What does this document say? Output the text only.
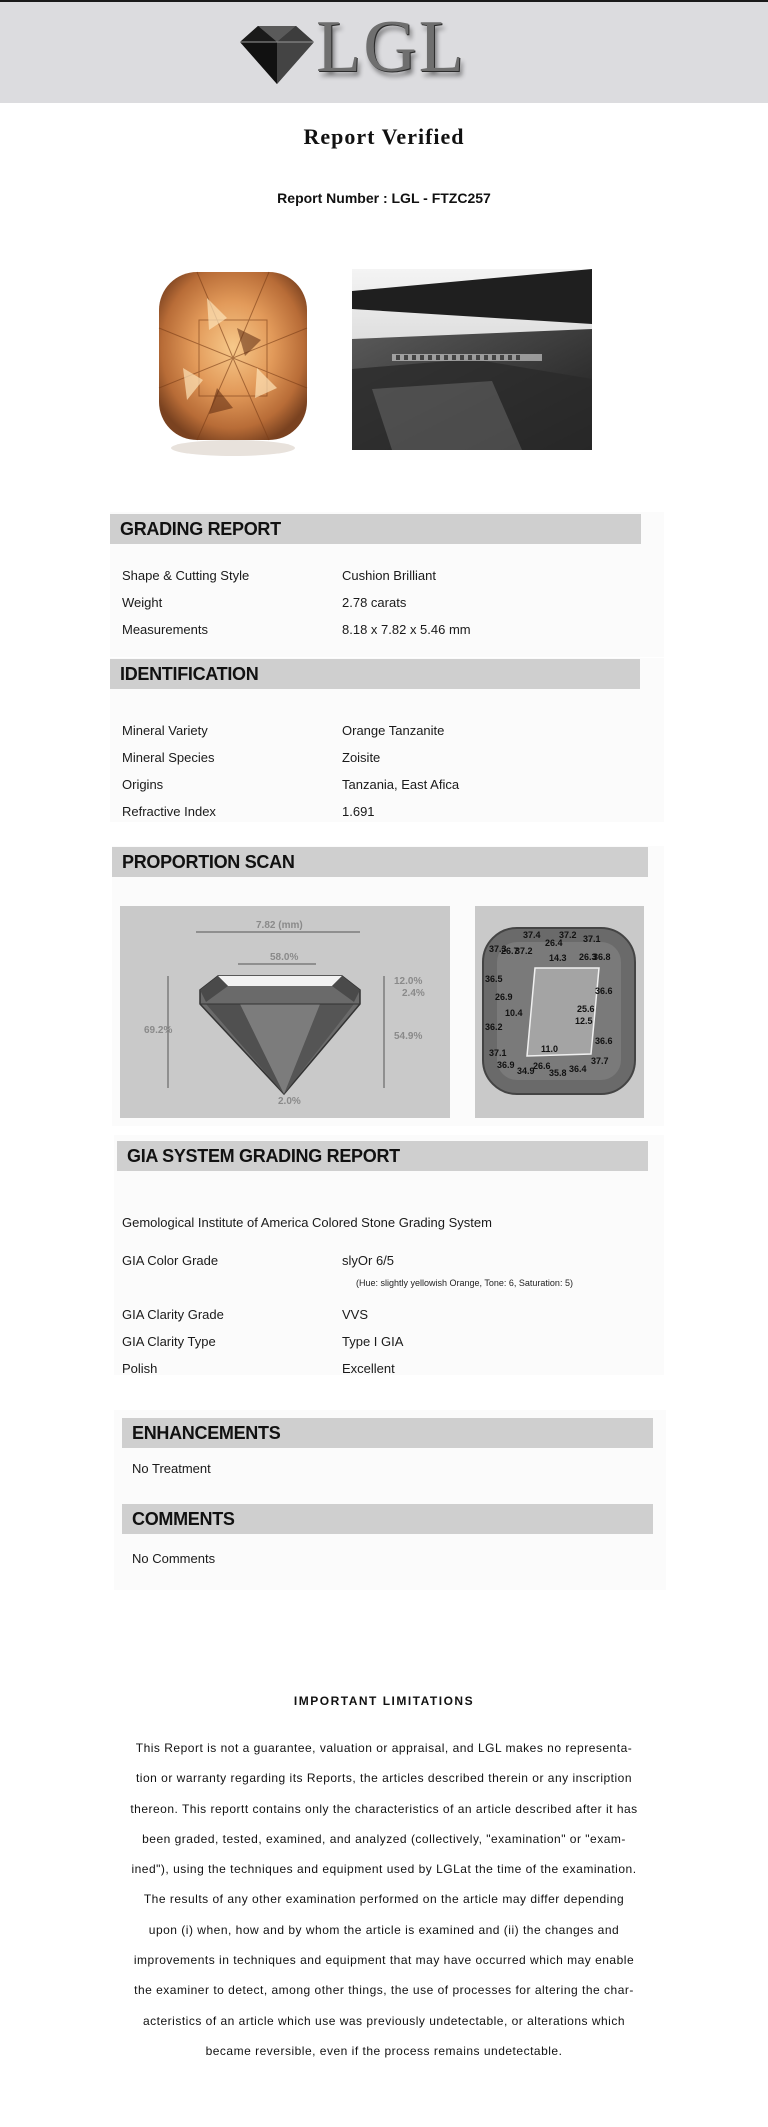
LGL
Report Verified
Report Number : LGL - FTZC257
GRADING REPORT
Shape & Cutting Style	Cushion Brilliant
Weight	2.78 carats
Measurements	8.18 x 7.82 x 5.46 mm
IDENTIFICATION
Mineral Variety	Orange Tanzanite
Mineral Species	Zoisite
Origins	Tanzania, East Afica
Refractive Index	1.691
PROPORTION SCAN
7.82 (mm)
58.0%
69.2%
12.0%
2.4%
54.9%
2.0%
37.4 37.2 37.1
26.4
37.3
26.7
37.2
14.3 26.3
36.8
36.5
36.6
26.9
25.6
10.4
12.5
36.2
36.6
37.1	11.0
37.7
36.9 26.6 36.4
34.9 35.8
GIA SYSTEM GRADING REPORT
Gemological Institute of America Colored Stone Grading System
GIA Color Grade	slyOr 6/5
(Hue: slightly yellowish Orange, Tone: 6, Saturation: 5)
GIA Clarity Grade	VVS
GIA Clarity Type	Type I GIA
Polish	Excellent
ENHANCEMENTS
No Treatment
COMMENTS
No Comments
IMPORTANT LIMITATIONS
This Report is not a guarantee, valuation or appraisal, and LGL makes no representa-
tion or warranty regarding its Reports, the articles described therein or any inscription
thereon. This reportt contains only the characteristics of an article described after it has
been graded, tested, examined, and analyzed (collectively, "examination" or "exam-
ined"), using the techniques and equipment used by LGLat the time of the examination.
The results of any other examination performed on the article may differ depending
upon (i) when, how and by whom the article is examined and (ii) the changes and
improvements in techniques and equipment that may have occurred which may enable
the examiner to detect, among other things, the use of processes for altering the char-
acteristics of an article which use was previously undetectable, or alterations which
became reversible, even if the process remains undetectable.
